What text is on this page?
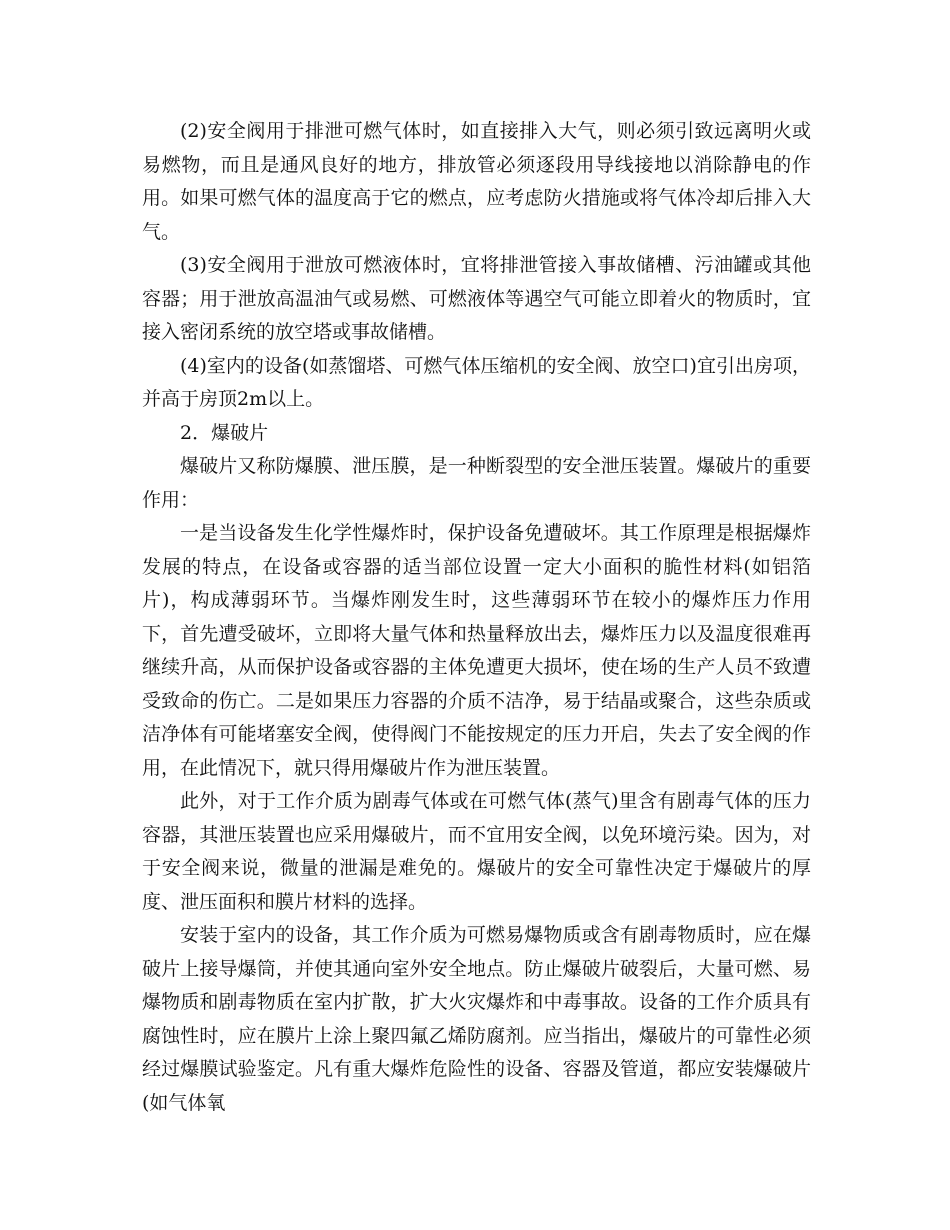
(2)安全阀用于排泄可燃气体时，如直接排入大气，则必须引致远离明火或易燃物，而且是通风良好的地方，排放管必须逐段用导线接地以消除静电的作用。如果可燃气体的温度高于它的燃点，应考虑防火措施或将气体冷却后排入大气。

(3)安全阀用于泄放可燃液体时，宜将排泄管接入事故储槽、污油罐或其他容器；用于泄放高温油气或易燃、可燃液体等遇空气可能立即着火的物质时，宜接入密闭系统的放空塔或事故储槽。

(4)室内的设备(如蒸馏塔、可燃气体压缩机的安全阀、放空口)宜引出房项，并高于房顶2m以上。

2．爆破片

爆破片又称防爆膜、泄压膜，是一种断裂型的安全泄压装置。爆破片的重要作用：

一是当设备发生化学性爆炸时，保护设备免遭破坏。其工作原理是根据爆炸发展的特点，在设备或容器的适当部位设置一定大小面积的脆性材料(如铝箔片)，构成薄弱环节。当爆炸刚发生时，这些薄弱环节在较小的爆炸压力作用下，首先遭受破坏，立即将大量气体和热量释放出去，爆炸压力以及温度很难再继续升高，从而保护设备或容器的主体免遭更大损坏，使在场的生产人员不致遭受致命的伤亡。二是如果压力容器的介质不洁净，易于结晶或聚合，这些杂质或洁净体有可能堵塞安全阀，使得阀门不能按规定的压力开启，失去了安全阀的作用，在此情况下，就只得用爆破片作为泄压装置。

此外，对于工作介质为剧毒气体或在可燃气体(蒸气)里含有剧毒气体的压力容器，其泄压装置也应采用爆破片，而不宜用安全阀，以免环境污染。因为，对于安全阀来说，微量的泄漏是难免的。爆破片的安全可靠性决定于爆破片的厚度、泄压面积和膜片材料的选择。

安装于室内的设备，其工作介质为可燃易爆物质或含有剧毒物质时，应在爆破片上接导爆筒，并使其通向室外安全地点。防止爆破片破裂后，大量可燃、易爆物质和剧毒物质在室内扩散，扩大火灾爆炸和中毒事故。设备的工作介质具有腐蚀性时，应在膜片上涂上聚四氟乙烯防腐剂。应当指出，爆破片的可靠性必须经过爆膜试验鉴定。凡有重大爆炸危险性的设备、容器及管道，都应安装爆破片(如气体氧
